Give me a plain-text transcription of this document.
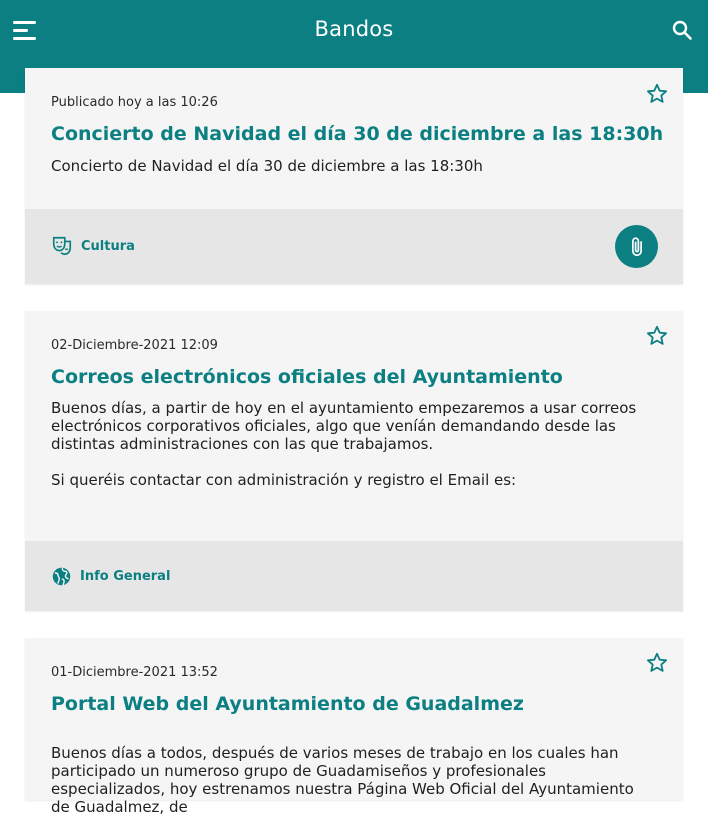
Bandos
Publicado hoy a las 10:26
Concierto de Navidad el día 30 de diciembre a las 18:30h
Concierto de Navidad el día 30 de diciembre a las 18:30h
Cultura
02-Diciembre-2021 12:09
Correos electrónicos oficiales del Ayuntamiento
Buenos días, a partir de hoy en el ayuntamiento empezaremos a usar correos electrónicos corporativos oficiales, algo que veníán demandando desde las distintas administraciones con las que trabajamos.

Si queréis contactar con administración y registro el Email es:
Info General
01-Diciembre-2021 13:52
Portal Web del Ayuntamiento de Guadalmez
Buenos días a todos, después de varios meses de trabajo en los cuales han participado un numeroso grupo de Guadamiseños y profesionales especializados, hoy estrenamos nuestra Página Web Oficial del Ayuntamiento de Guadalmez, de
